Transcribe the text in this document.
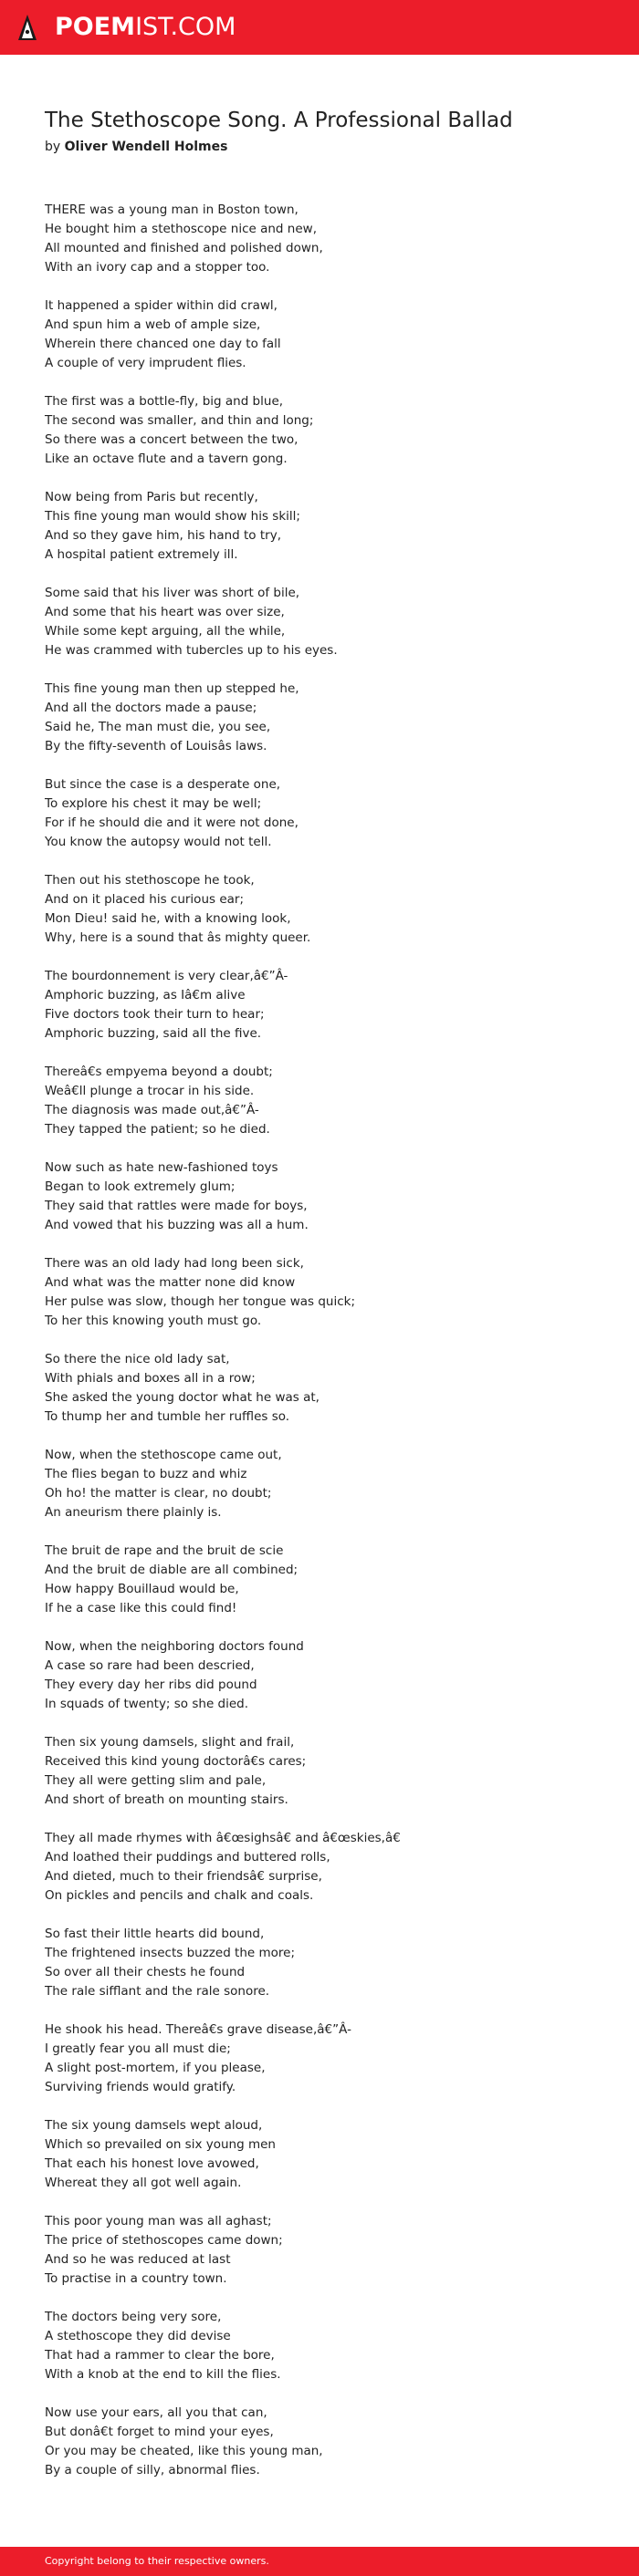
POEMIST.COM
The Stethoscope Song. A Professional Ballad
by Oliver Wendell Holmes
THERE was a young man in Boston town,
He bought him a stethoscope nice and new,
All mounted and finished and polished down,
With an ivory cap and a stopper too.
It happened a spider within did crawl,
And spun him a web of ample size,
Wherein there chanced one day to fall
A couple of very imprudent flies.
The first was a bottle-fly, big and blue,
The second was smaller, and thin and long;
So there was a concert between the two,
Like an octave flute and a tavern gong.
Now being from Paris but recently,
This fine young man would show his skill;
And so they gave him, his hand to try,
A hospital patient extremely ill.
Some said that his liver was short of bile,
And some that his heart was over size,
While some kept arguing, all the while,
He was crammed with tubercles up to his eyes.
This fine young man then up stepped he,
And all the doctors made a pause;
Said he, The man must die, you see,
By the fifty-seventh of Louisâs laws.
But since the case is a desperate one,
To explore his chest it may be well;
For if he should die and it were not done,
You know the autopsy would not tell.
Then out his stethoscope he took,
And on it placed his curious ear;
Mon Dieu! said he, with a knowing look,
Why, here is a sound that âs mighty queer.
The bourdonnement is very clear,â€”Â-
Amphoric buzzing, as Iâ€m alive
Five doctors took their turn to hear;
Amphoric buzzing, said all the five.
Thereâ€s empyema beyond a doubt;
Weâ€ll plunge a trocar in his side.
The diagnosis was made out,â€”Â-
They tapped the patient; so he died.
Now such as hate new-fashioned toys
Began to look extremely glum;
They said that rattles were made for boys,
And vowed that his buzzing was all a hum.
There was an old lady had long been sick,
And what was the matter none did know
Her pulse was slow, though her tongue was quick;
To her this knowing youth must go.
So there the nice old lady sat,
With phials and boxes all in a row;
She asked the young doctor what he was at,
To thump her and tumble her ruffles so.
Now, when the stethoscope came out,
The flies began to buzz and whiz
Oh ho! the matter is clear, no doubt;
An aneurism there plainly is.
The bruit de rape and the bruit de scie
And the bruit de diable are all combined;
How happy Bouillaud would be,
If he a case like this could find!
Now, when the neighboring doctors found
A case so rare had been descried,
They every day her ribs did pound
In squads of twenty; so she died.
Then six young damsels, slight and frail,
Received this kind young doctorâ€s cares;
They all were getting slim and pale,
And short of breath on mounting stairs.
They all made rhymes with â€œsighsâ€ and â€œskies,â€
And loathed their puddings and buttered rolls,
And dieted, much to their friendsâ€ surprise,
On pickles and pencils and chalk and coals.
So fast their little hearts did bound,
The frightened insects buzzed the more;
So over all their chests he found
The rale sifflant and the rale sonore.
He shook his head. Thereâ€s grave disease,â€”Â-
I greatly fear you all must die;
A slight post-mortem, if you please,
Surviving friends would gratify.
The six young damsels wept aloud,
Which so prevailed on six young men
That each his honest love avowed,
Whereat they all got well again.
This poor young man was all aghast;
The price of stethoscopes came down;
And so he was reduced at last
To practise in a country town.
The doctors being very sore,
A stethoscope they did devise
That had a rammer to clear the bore,
With a knob at the end to kill the flies.
Now use your ears, all you that can,
But donâ€t forget to mind your eyes,
Or you may be cheated, like this young man,
By a couple of silly, abnormal flies.
Copyright belong to their respective owners.
